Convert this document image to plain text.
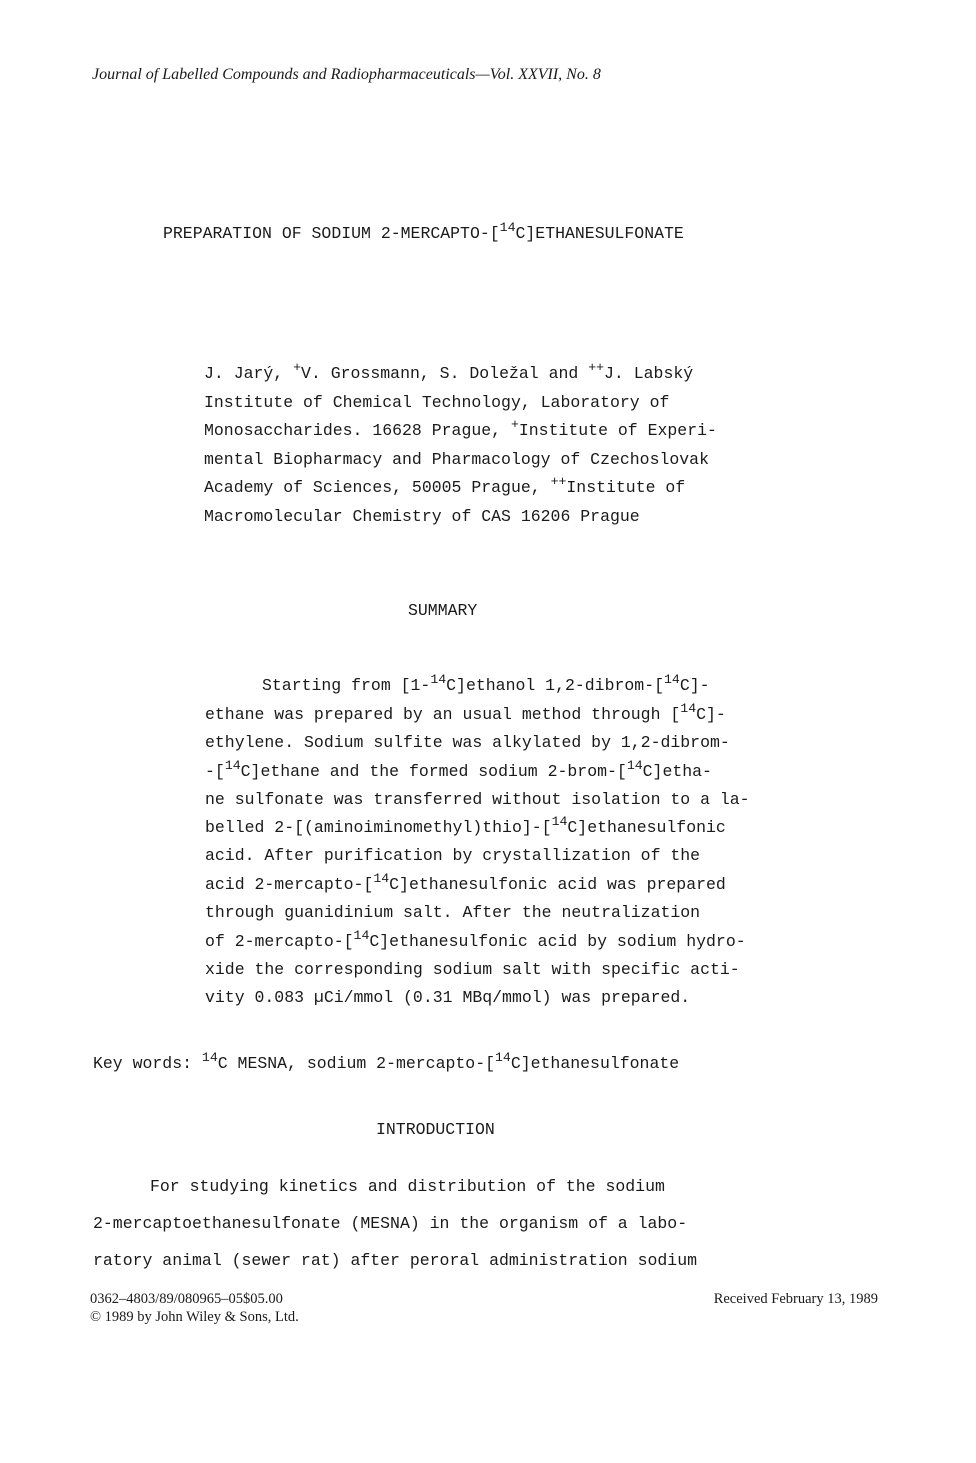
Journal of Labelled Compounds and Radiopharmaceuticals—Vol. XXVII, No. 8
PREPARATION OF SODIUM 2-MERCAPTO-[$^{14}$C]ETHANESULFONATE
J. Jarý, +V. Grossmann, S. Doležal and ++J. Labský
Institute of Chemical Technology, Laboratory of
Monosaccharides. 16628 Prague, +Institute of Experi-
mental Biopharmacy and Pharmacology of Czechoslovak
Academy of Sciences, 50005 Prague, ++Institute of
Macromolecular Chemistry of CAS 16206 Prague
SUMMARY
Starting from [1-$^{14}$C]ethanol 1,2-dibrom-[$^{14}$C]-
ethane was prepared by an usual method through [$^{14}$C]-
ethylene. Sodium sulfite was alkylated by 1,2-dibrom-
-[$^{14}$C]ethane and the formed sodium 2-brom-[$^{14}$C]etha-
ne sulfonate was transferred without isolation to a la-
belled 2-[(aminoiminomethyl)thio]-[$^{14}$C]ethanesulfonic
acid. After purification by crystallization of the
acid 2-mercapto-[$^{14}$C]ethanesulfonic acid was prepared
through guanidinium salt. After the neutralization
of 2-mercapto-[$^{14}$C]ethanesulfonic acid by sodium hydro-
xide the corresponding sodium salt with specific acti-
vity 0.083 µCi/mmol (0.31 MBq/mmol) was prepared.
Key words: $^{14}$C MESNA, sodium 2-mercapto-[$^{14}$C]ethanesulfonate
INTRODUCTION
For studying kinetics and distribution of the sodium
2-mercaptoethanesulfonate (MESNA) in the organism of a labo-
ratory animal (sewer rat) after peroral administration sodium
0362–4803/89/080965–05$05.00
© 1989 by John Wiley & Sons, Ltd.
Received February 13, 1989
